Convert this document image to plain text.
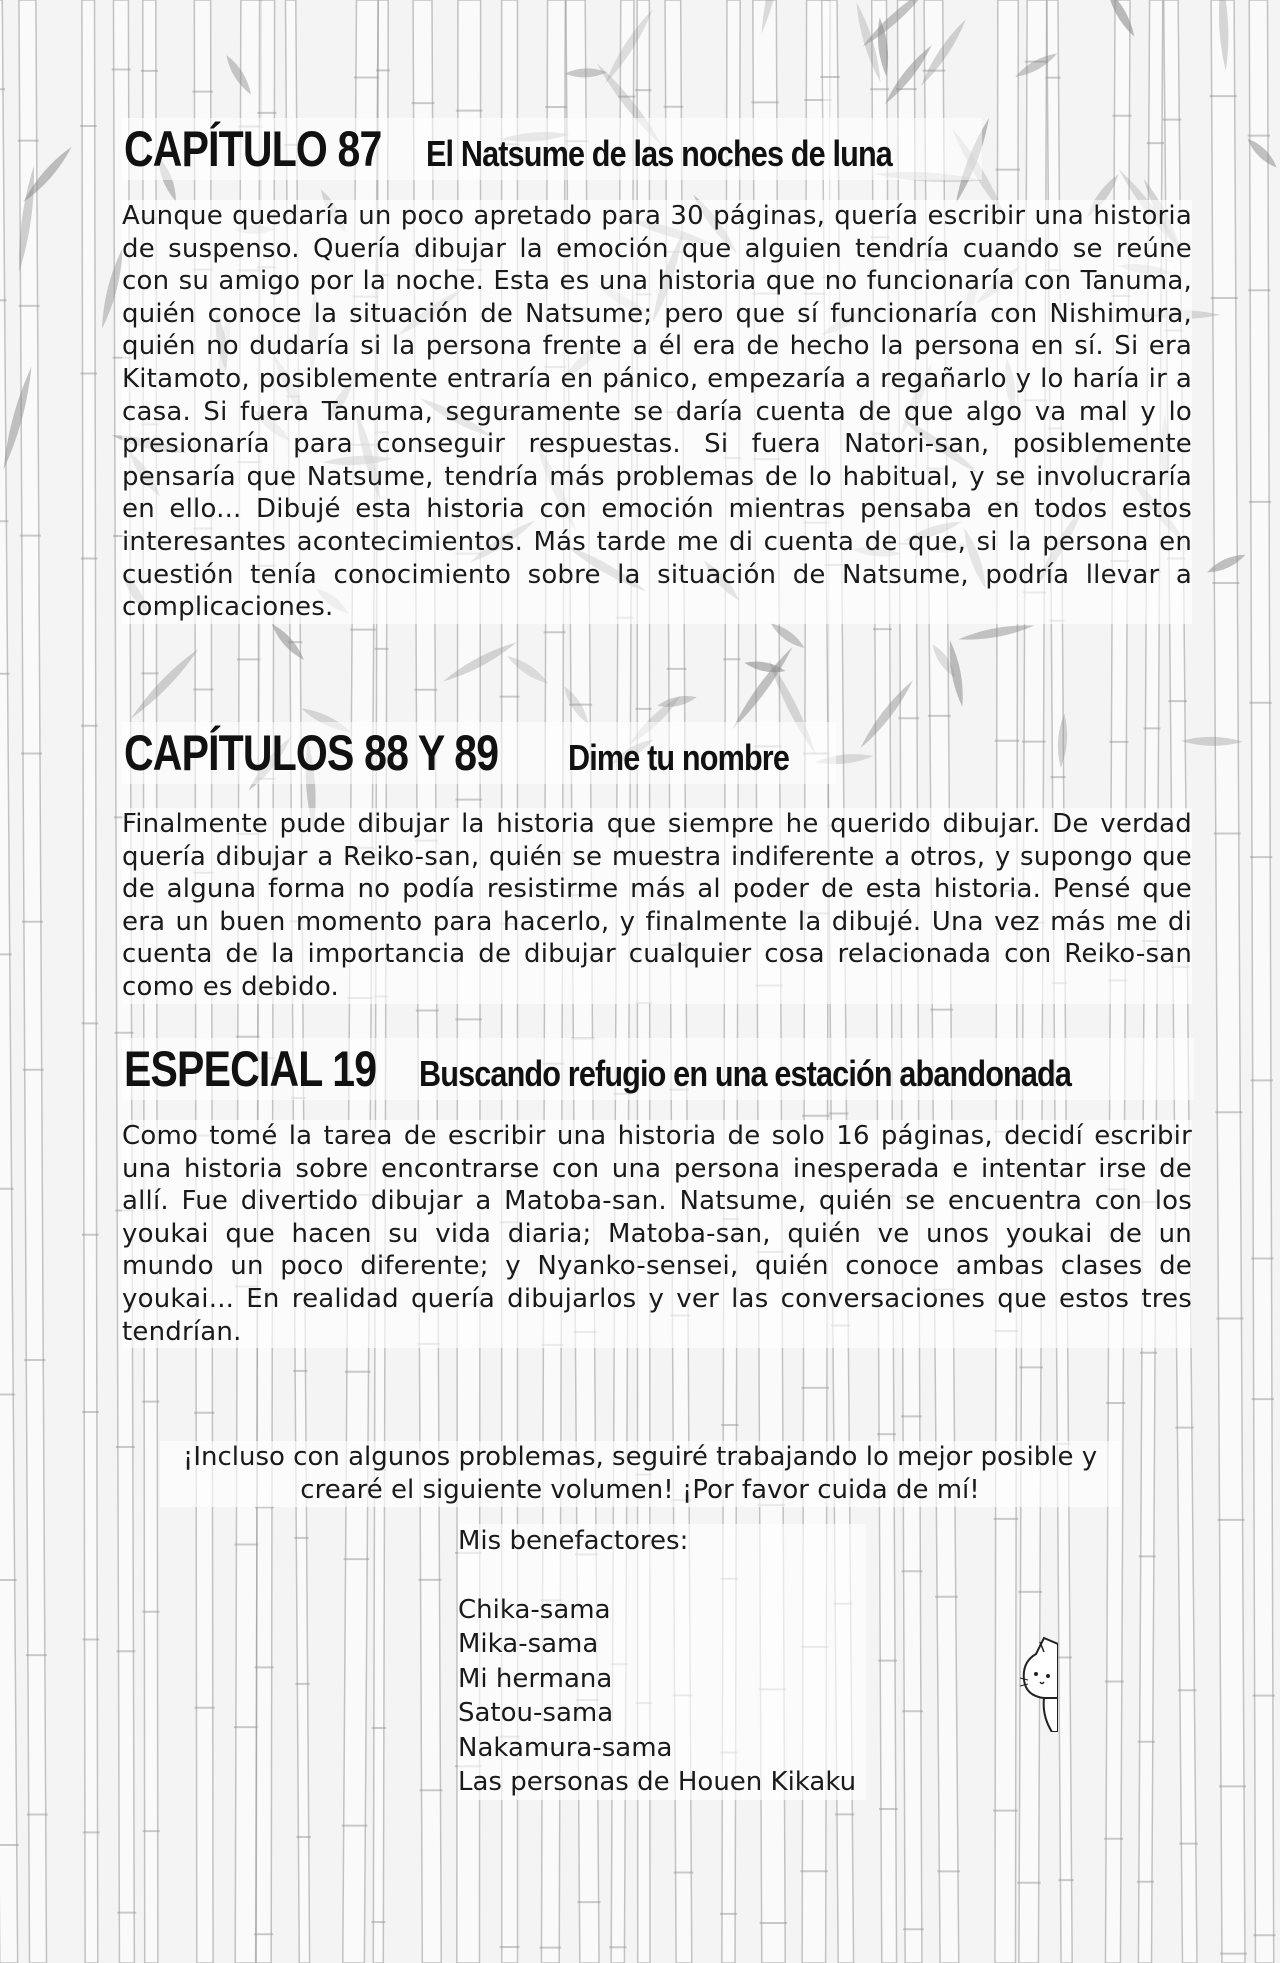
CAPÍTULO 87 El Natsume de las noches de luna

Aunque quedaría un poco apretado para 30 páginas, quería escribir una historia de suspenso. Quería dibujar la emoción que alguien tendría cuando se reúne con su amigo por la noche. Esta es una historia que no funcionaría con Tanuma, quién conoce la situación de Natsume; pero que sí funcionaría con Nishimura, quién no dudaría si la persona frente a él era de hecho la persona en sí. Si era Kitamoto, posiblemente entraría en pánico, empezaría a regañarlo y lo haría ir a casa. Si fuera Tanuma, seguramente se daría cuenta de que algo va mal y lo presionaría para conseguir respuestas. Si fuera Natori-san, posiblemente pensaría que Natsume, tendría más problemas de lo habitual, y se involucraría en ello... Dibujé esta historia con emoción mientras pensaba en todos estos interesantes acontecimientos. Más tarde me di cuenta de que, si la persona en cuestión tenía conocimiento sobre la situación de Natsume, podría llevar a complicaciones.

CAPÍTULOS 88 Y 89 Dime tu nombre

Finalmente pude dibujar la historia que siempre he querido dibujar. De verdad quería dibujar a Reiko-san, quién se muestra indiferente a otros, y supongo que de alguna forma no podía resistirme más al poder de esta historia. Pensé que era un buen momento para hacerlo, y finalmente la dibujé. Una vez más me di cuenta de la importancia de dibujar cualquier cosa relacionada con Reiko-san como es debido.

ESPECIAL 19 Buscando refugio en una estación abandonada

Como tomé la tarea de escribir una historia de solo 16 páginas, decidí escribir una historia sobre encontrarse con una persona inesperada e intentar irse de allí. Fue divertido dibujar a Matoba-san. Natsume, quién se encuentra con los youkai que hacen su vida diaria; Matoba-san, quién ve unos youkai de un mundo un poco diferente; y Nyanko-sensei, quién conoce ambas clases de youkai... En realidad quería dibujarlos y ver las conversaciones que estos tres tendrían.

¡Incluso con algunos problemas, seguiré trabajando lo mejor posible y crearé el siguiente volumen! ¡Por favor cuida de mí!

Mis benefactores:
Chika-sama
Mika-sama
Mi hermana
Satou-sama
Nakamura-sama
Las personas de Houen Kikaku
